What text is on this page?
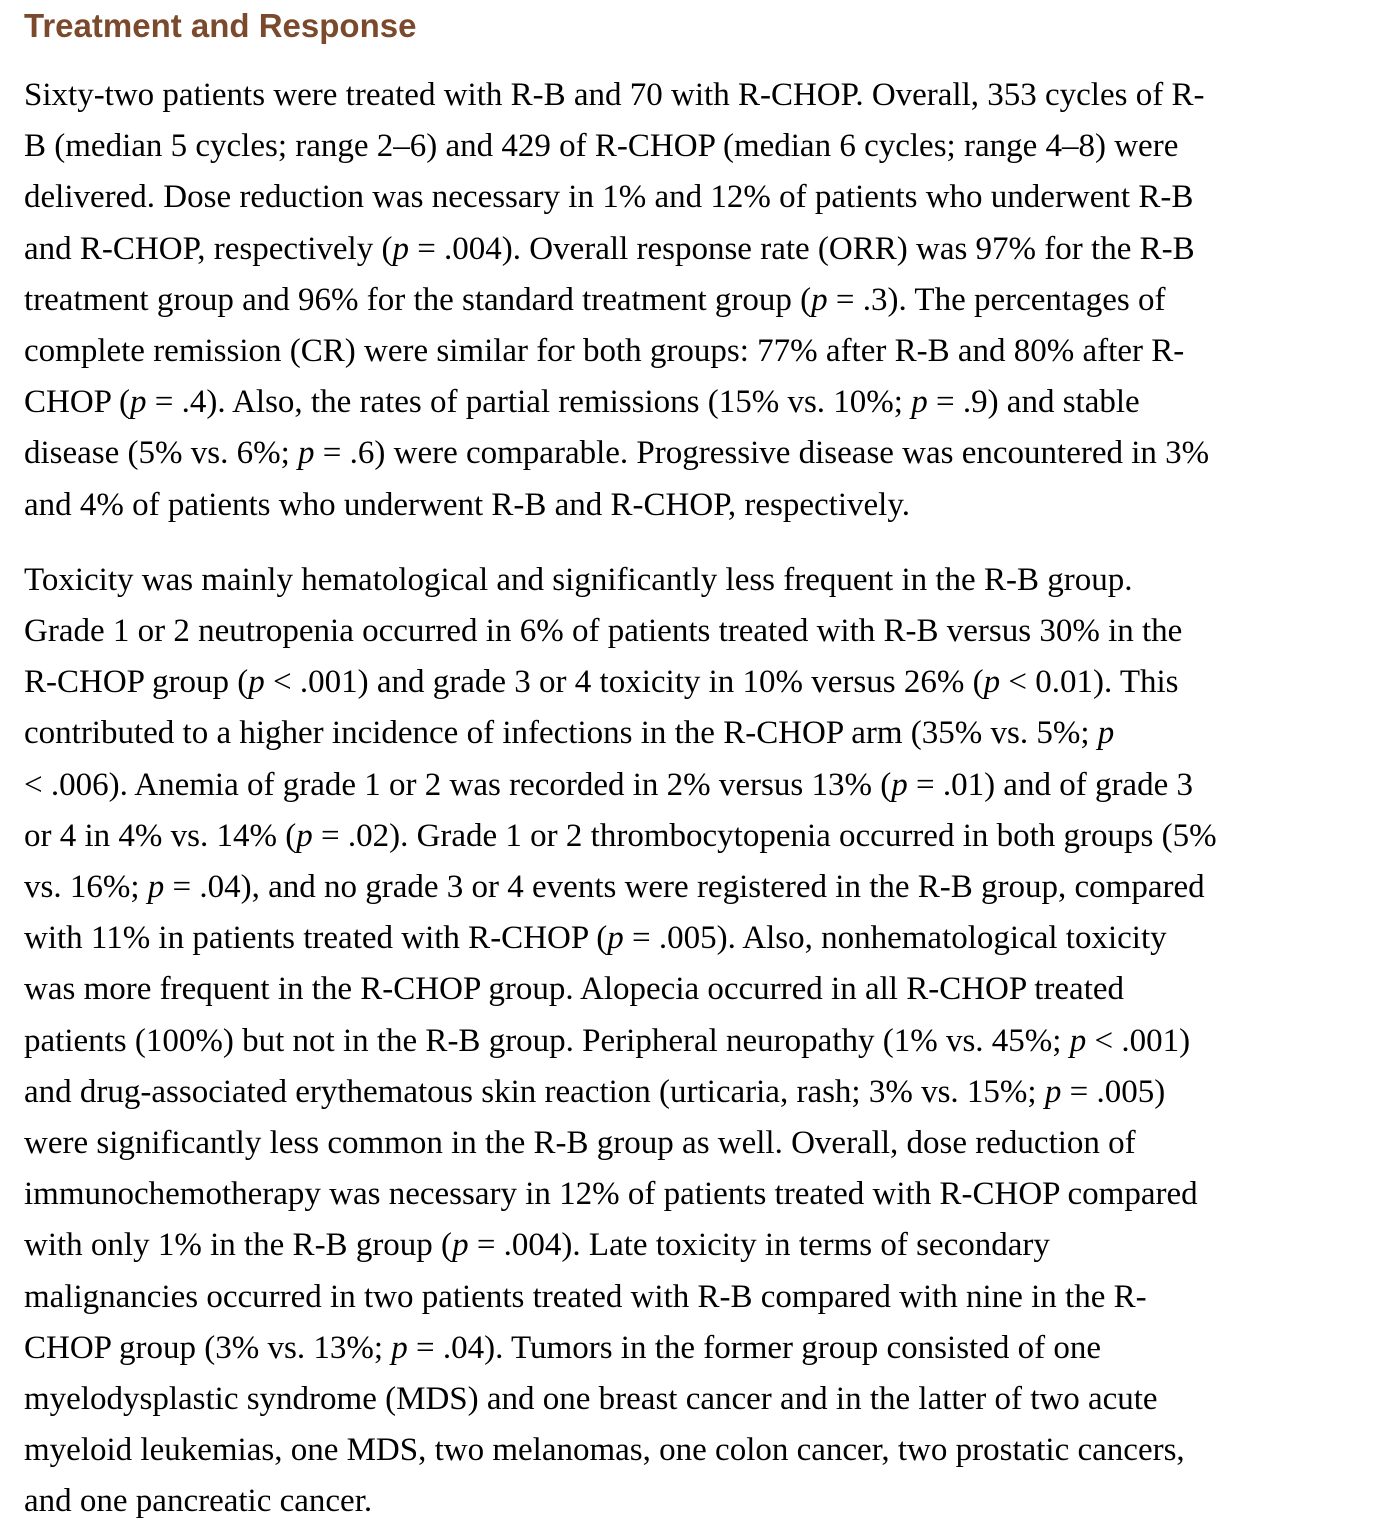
Treatment and Response
Sixty-two patients were treated with R-B and 70 with R-CHOP. Overall, 353 cycles of R-
B (median 5 cycles; range 2–6) and 429 of R-CHOP (median 6 cycles; range 4–8) were
delivered. Dose reduction was necessary in 1% and 12% of patients who underwent R-B
and R-CHOP, respectively (p = .004). Overall response rate (ORR) was 97% for the R-B
treatment group and 96% for the standard treatment group (p = .3). The percentages of
complete remission (CR) were similar for both groups: 77% after R-B and 80% after R-
CHOP (p = .4). Also, the rates of partial remissions (15% vs. 10%; p = .9) and stable
disease (5% vs. 6%; p = .6) were comparable. Progressive disease was encountered in 3%
and 4% of patients who underwent R-B and R-CHOP, respectively.
Toxicity was mainly hematological and significantly less frequent in the R-B group.
Grade 1 or 2 neutropenia occurred in 6% of patients treated with R-B versus 30% in the
R-CHOP group (p < .001) and grade 3 or 4 toxicity in 10% versus 26% (p < 0.01). This
contributed to a higher incidence of infections in the R-CHOP arm (35% vs. 5%; p
< .006). Anemia of grade 1 or 2 was recorded in 2% versus 13% (p = .01) and of grade 3
or 4 in 4% vs. 14% (p = .02). Grade 1 or 2 thrombocytopenia occurred in both groups (5%
vs. 16%; p = .04), and no grade 3 or 4 events were registered in the R-B group, compared
with 11% in patients treated with R-CHOP (p = .005). Also, nonhematological toxicity
was more frequent in the R-CHOP group. Alopecia occurred in all R-CHOP treated
patients (100%) but not in the R-B group. Peripheral neuropathy (1% vs. 45%; p < .001)
and drug-associated erythematous skin reaction (urticaria, rash; 3% vs. 15%; p = .005)
were significantly less common in the R-B group as well. Overall, dose reduction of
immunochemotherapy was necessary in 12% of patients treated with R-CHOP compared
with only 1% in the R-B group (p = .004). Late toxicity in terms of secondary
malignancies occurred in two patients treated with R-B compared with nine in the R-
CHOP group (3% vs. 13%; p = .04). Tumors in the former group consisted of one
myelodysplastic syndrome (MDS) and one breast cancer and in the latter of two acute
myeloid leukemias, one MDS, two melanomas, one colon cancer, two prostatic cancers,
and one pancreatic cancer.
